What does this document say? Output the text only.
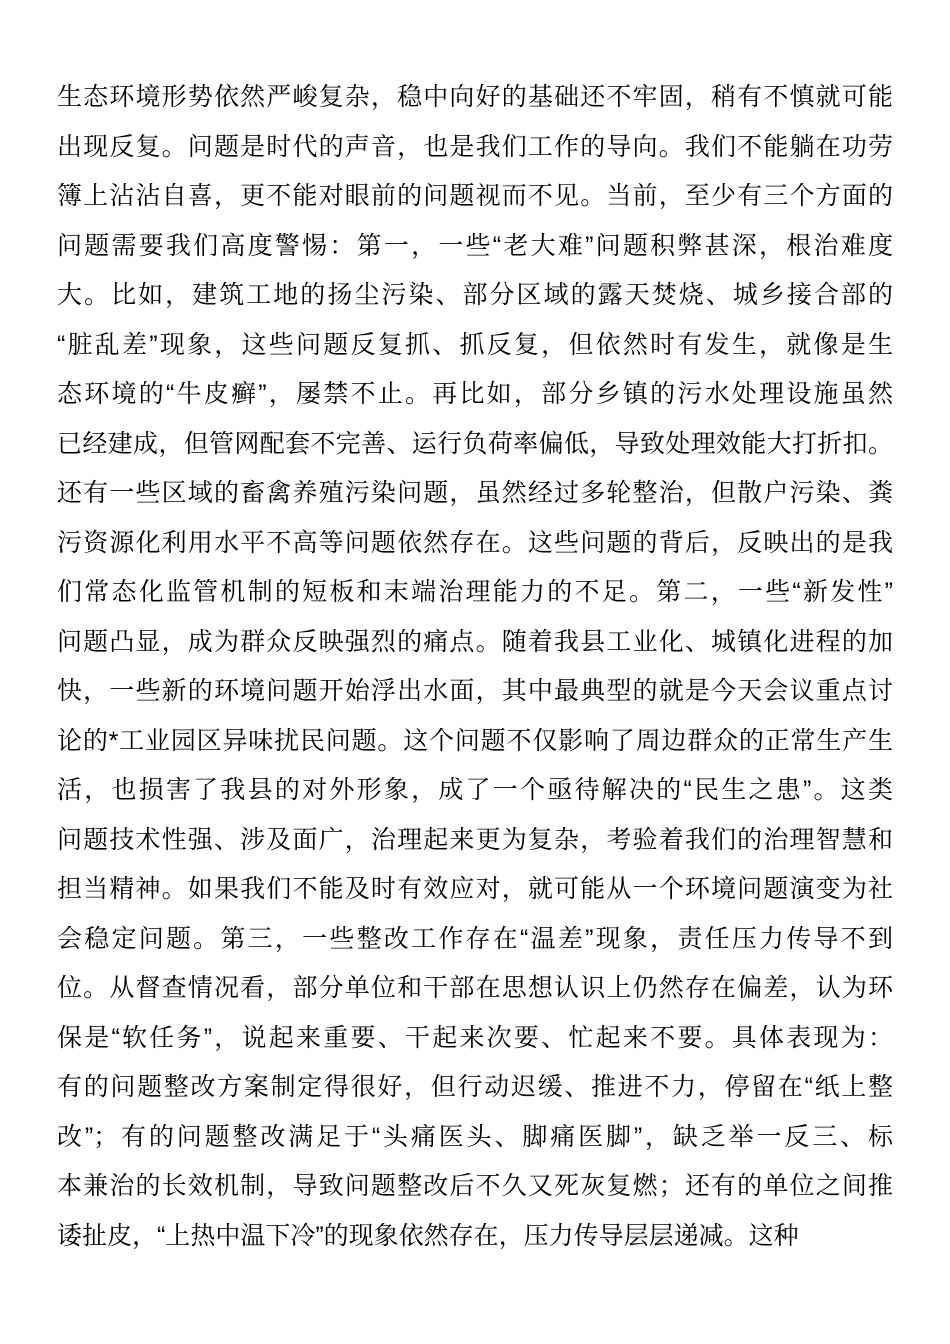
生态环境形势依然严峻复杂，稳中向好的基础还不牢固，稍有不慎就可能
出现反复。问题是时代的声音，也是我们工作的导向。我们不能躺在功劳
簿上沾沾自喜，更不能对眼前的问题视而不见。当前，至少有三个方面的
问题需要我们高度警惕：第一，一些“老大难”问题积弊甚深，根治难度
大。比如，建筑工地的扬尘污染、部分区域的露天焚烧、城乡接合部的
“脏乱差”现象，这些问题反复抓、抓反复，但依然时有发生，就像是生
态环境的“牛皮癣”，屡禁不止。再比如，部分乡镇的污水处理设施虽然
已经建成，但管网配套不完善、运行负荷率偏低，导致处理效能大打折扣。
还有一些区域的畜禽养殖污染问题，虽然经过多轮整治，但散户污染、粪
污资源化利用水平不高等问题依然存在。这些问题的背后，反映出的是我
们常态化监管机制的短板和末端治理能力的不足。第二，一些“新发性”
问题凸显，成为群众反映强烈的痛点。随着我县工业化、城镇化进程的加
快，一些新的环境问题开始浮出水面，其中最典型的就是今天会议重点讨
论的*工业园区异味扰民问题。这个问题不仅影响了周边群众的正常生产生
活，也损害了我县的对外形象，成了一个亟待解决的“民生之患”。这类
问题技术性强、涉及面广，治理起来更为复杂，考验着我们的治理智慧和
担当精神。如果我们不能及时有效应对，就可能从一个环境问题演变为社
会稳定问题。第三，一些整改工作存在“温差”现象，责任压力传导不到
位。从督查情况看，部分单位和干部在思想认识上仍然存在偏差，认为环
保是“软任务”，说起来重要、干起来次要、忙起来不要。具体表现为：
有的问题整改方案制定得很好，但行动迟缓、推进不力，停留在“纸上整
改”；有的问题整改满足于“头痛医头、脚痛医脚”，缺乏举一反三、标
本兼治的长效机制，导致问题整改后不久又死灰复燃；还有的单位之间推
诿扯皮，“上热中温下冷”的现象依然存在，压力传导层层递减。这种
